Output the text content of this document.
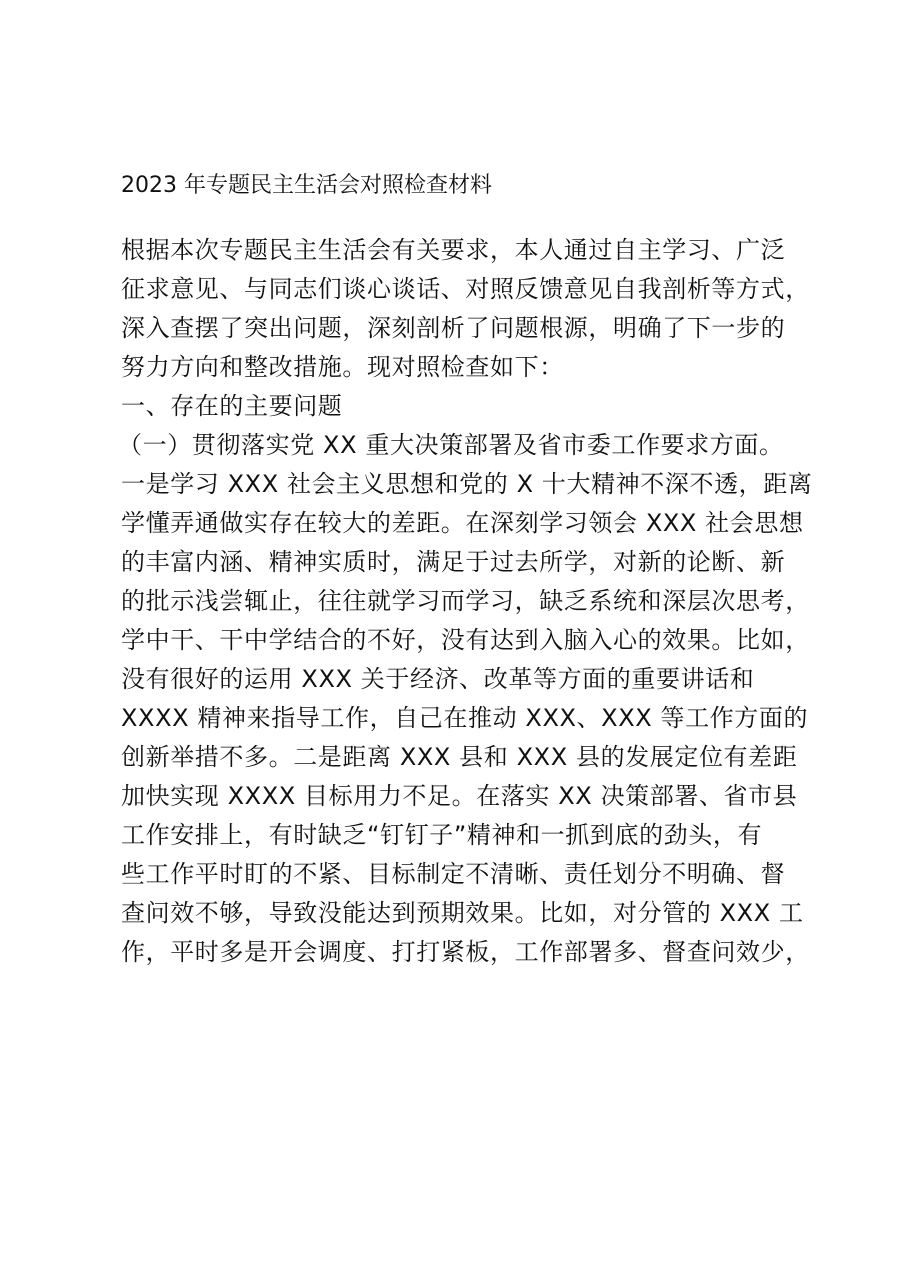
2023 年专题民主生活会对照检查材料
根据本次专题民主生活会有关要求，本人通过自主学习、广泛
征求意见、与同志们谈心谈话、对照反馈意见自我剖析等方式，
深入查摆了突出问题，深刻剖析了问题根源，明确了下一步的
努力方向和整改措施。现对照检查如下：
一、存在的主要问题
（一）贯彻落实党 XX 重大决策部署及省市委工作要求方面。
一是学习 XXX 社会主义思想和党的 X 十大精神不深不透，距离
学懂弄通做实存在较大的差距。在深刻学习领会 XXX 社会思想
的丰富内涵、精神实质时，满足于过去所学，对新的论断、新
的批示浅尝辄止，往往就学习而学习，缺乏系统和深层次思考，
学中干、干中学结合的不好，没有达到入脑入心的效果。比如，
没有很好的运用 XXX 关于经济、改革等方面的重要讲话和
XXXX 精神来指导工作，自己在推动 XXX、XXX 等工作方面的
创新举措不多。二是距离 XXX 县和 XXX 县的发展定位有差距
加快实现 XXXX 目标用力不足。在落实 XX 决策部署、省市县
工作安排上，有时缺乏“钉钉子”精神和一抓到底的劲头，有
些工作平时盯的不紧、目标制定不清晰、责任划分不明确、督
查问效不够，导致没能达到预期效果。比如，对分管的 XXX 工
作，平时多是开会调度、打打紧板，工作部署多、督查问效少，
